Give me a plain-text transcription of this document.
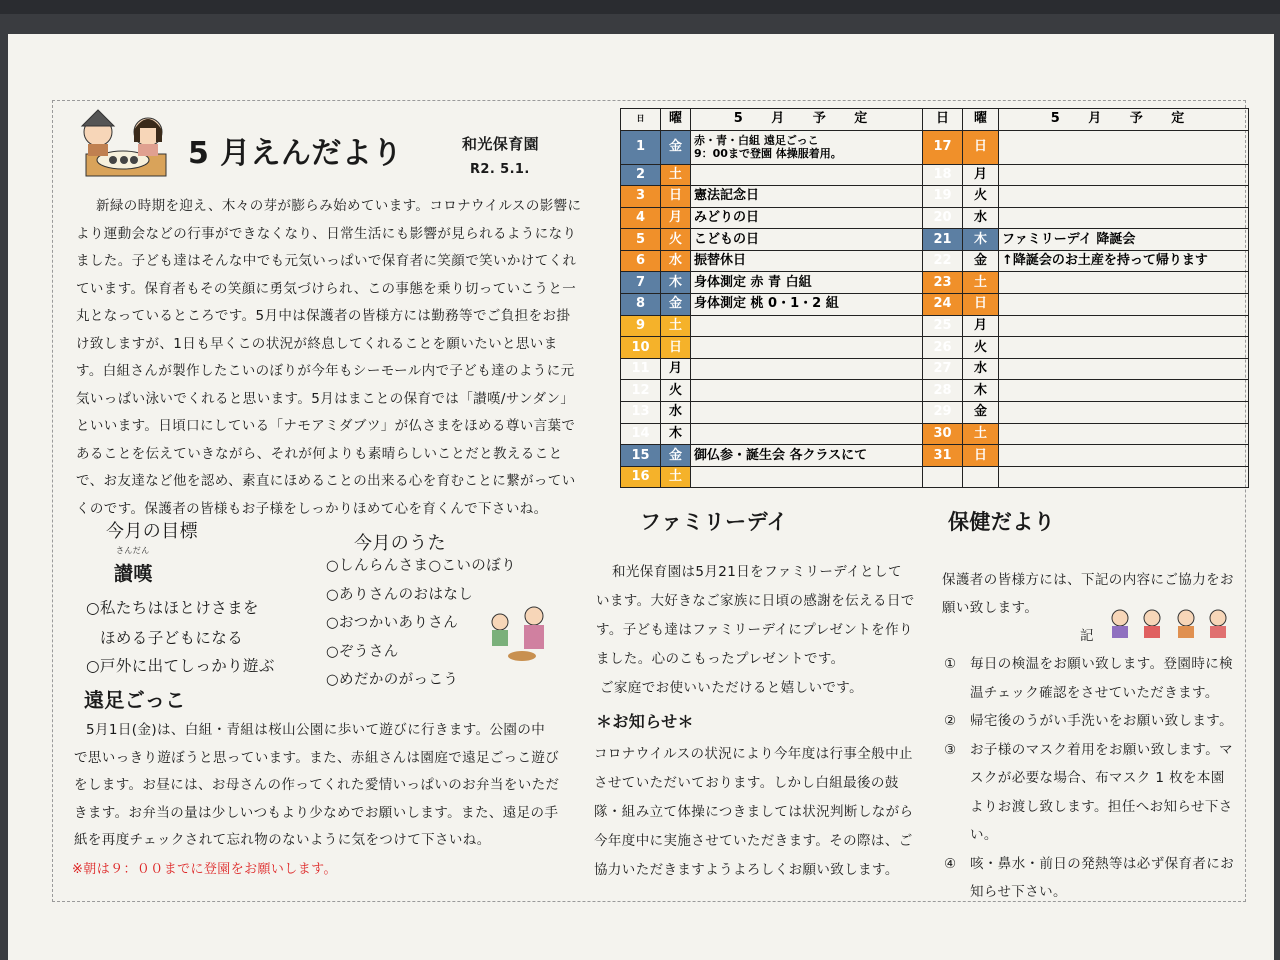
5 月えんだより	和光保育園
R2. 5.1.
新緑の時期を迎え、木々の芽が膨らみ始めています。コロナウイルスの影響に
より運動会などの行事ができなくなり、日常生活にも影響が見られるようになり
ました。子ども達はそんな中でも元気いっぱいで保育者に笑顔で笑いかけてくれ
ています。保育者もその笑顔に勇気づけられ、この事態を乗り切っていこうと一
丸となっているところです。5月中は保護者の皆様方には勤務等でご負担をお掛
け致しますが、1日も早くこの状況が終息してくれることを願いたいと思いま
す。白組さんが製作したこいのぼりが今年もシーモール内で子ども達のように元
気いっぱい泳いでくれると思います。5月はまことの保育では「讃嘆/サンダン」
といいます。日頃口にしている「ナモアミダブツ」が仏さまをほめる尊い言葉で
あることを伝えていきながら、それが何よりも素晴らしいことだと教えること
で、お友達など他を認め、素直にほめることの出来る心を育むことに繋がってい
くのです。保護者の皆様もお子様をしっかりほめて心を育くんで下さいね。
今月の目標
さんだん
讃嘆
○私たちはほとけさまを
ほめる子どもになる
○戸外に出てしっかり遊ぶ
今月のうた
○しんらんさま○こいのぼり
○ありさんのおはなし
○おつかいありさん
○ぞうさん
○めだかのがっこう
遠足ごっこ
5月1日(金)は、白組・青組は桜山公園に歩いて遊びに行きます。公園の中
で思いっきり遊ぼうと思っています。また、赤組さんは園庭で遠足ごっこ遊び
をします。お昼には、お母さんの作ってくれた愛情いっぱいのお弁当をいただ
きます。お弁当の量は少しいつもより少なめでお願いします。また、遠足の手
紙を再度チェックされて忘れ物のないように気をつけて下さいね。
※朝は９：００までに登園をお願いします。
日	曜	5 月 予 定	日	曜	5 月 予 定
1	金	赤・青・白組 遠足ごっこ
9：00まで登園 体操服着用。	17	日	
2	土		18	月	
3	日	憲法記念日	19	火	
4	月	みどりの日	20	水	
5	火	こどもの日	21	木	ファミリーデイ 降誕会
6	水	振替休日	22	金	↑降誕会のお土産を持って帰ります
7	木	身体測定 赤 青 白組	23	土	
8	金	身体測定 桃 0・1・2 組	24	日	
9	土		25	月	
10	日		26	火	
11	月		27	水	
12	火		28	木	
13	水		29	金	
14	木		30	土	
15	金	御仏参・誕生会 各クラスにて	31	日	
16	土				
ファミリーデイ
和光保育園は5月21日をファミリーデイとして
います。大好きなご家族に日頃の感謝を伝える日で
す。子ども達はファミリーデイにプレゼントを作り
ました。心のこもったプレゼントです。
ご家庭でお使いいただけると嬉しいです。
＊お知らせ＊
コロナウイルスの状況により今年度は行事全般中止
させていただいております。しかし白組最後の鼓
隊・組み立て体操につきましては状況判断しながら
今年度中に実施させていただきます。その際は、ご
協力いただきますようよろしくお願い致します。
保健だより
保護者の皆様方には、下記の内容にご協力をお
願い致します。
記
① 毎日の検温をお願い致します。登園時に検
温チェック確認をさせていただきます。
② 帰宅後のうがい手洗いをお願い致します。
③ お子様のマスク着用をお願い致します。マ
スクが必要な場合、布マスク 1 枚を本園
よりお渡し致します。担任へお知らせ下さ
い。
④ 咳・鼻水・前日の発熱等は必ず保育者にお
知らせ下さい。
